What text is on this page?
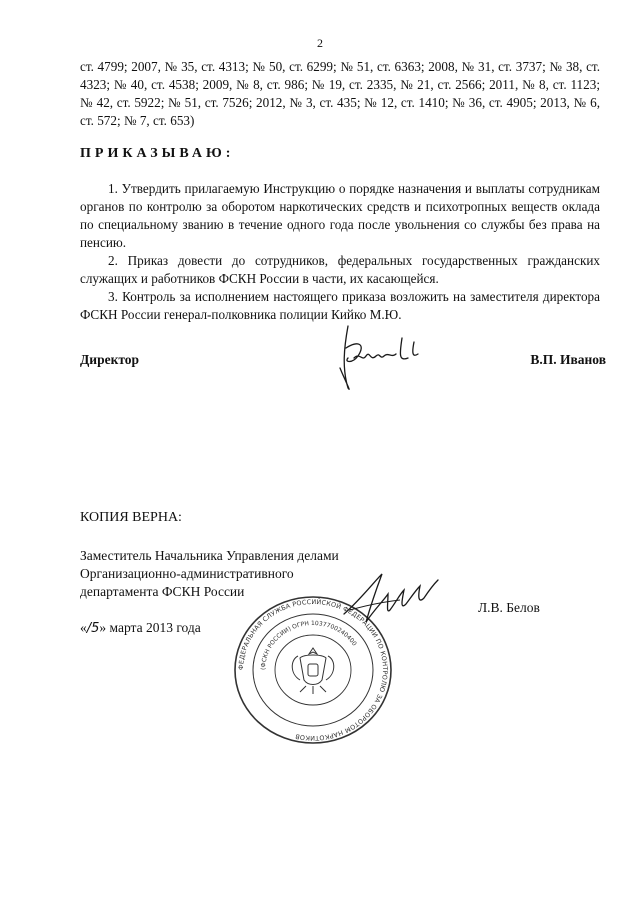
2
ст. 4799; 2007, № 35, ст. 4313; № 50, ст. 6299; № 51, ст. 6363; 2008, № 31, ст. 3737; № 38, ст. 4323; № 40, ст. 4538; 2009, № 8, ст. 986; № 19, ст. 2335, № 21, ст. 2566; 2011, № 8, ст. 1123; № 42, ст. 5922; № 51, ст. 7526; 2012, № 3, ст. 435; № 12, ст. 1410; № 36, ст. 4905; 2013, № 6, ст. 572; № 7, ст. 653)
ПРИКАЗЫВАЮ:

1. Утвердить прилагаемую Инструкцию о порядке назначения и выплаты сотрудникам органов по контролю за оборотом наркотических средств и психотропных веществ оклада по специальному званию в течение одного года после увольнения со службы без права на пенсию.

2. Приказ довести до сотрудников, федеральных государственных гражданских служащих и работников ФСКН России в части, их касающейся.

3. Контроль за исполнением настоящего приказа возложить на заместителя директора ФСКН России генерал-полковника полиции Кийко М.Ю.

Директор	В.П. Иванов
КОПИЯ ВЕРНА:
Заместитель Начальника Управления делами
Организационно-административного
департамента ФСКН России
Л.В. Белов
«/5» марта 2013 года
ФЕДЕРАЛЬНАЯ СЛУЖБА РОССИЙСКОЙ ФЕДЕРАЦИИ ПО КОНТРОЛЮ ЗА ОБОРОТОМ НАРКОТИКОВ
(ФСКН РОССИИ) ОГРН 1037700240400
